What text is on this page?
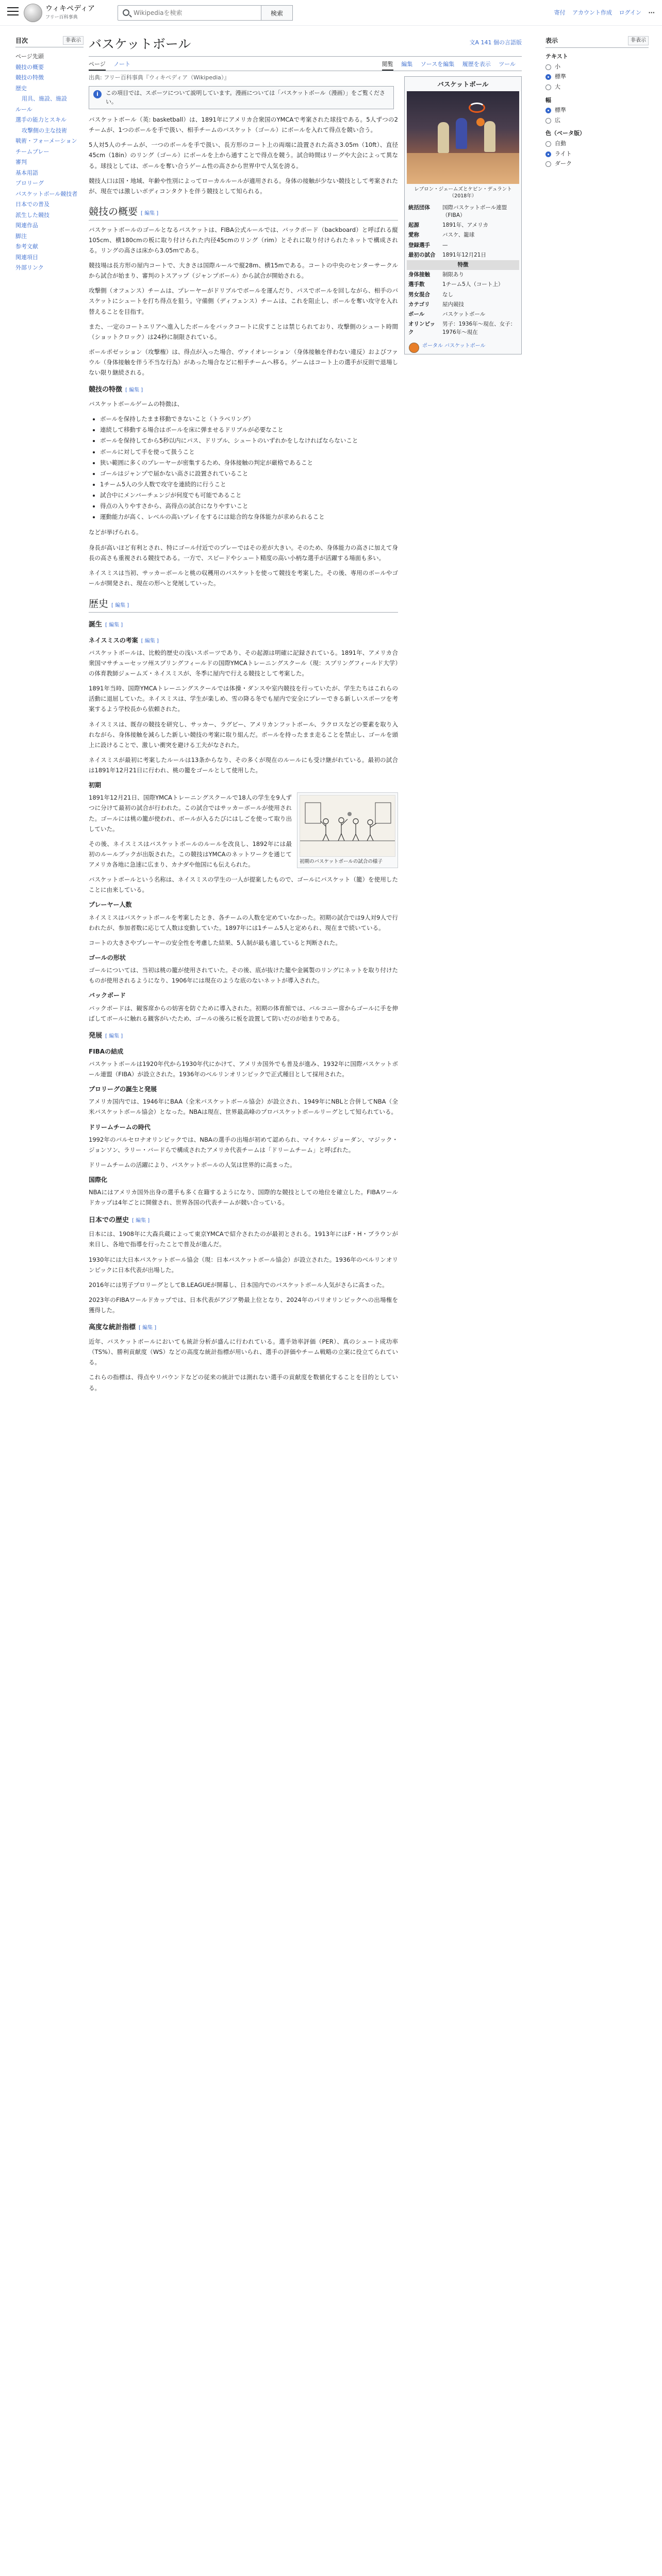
ウィキペディア
フリー百科事典
Wikipediaを検索
検索	寄付 アカウント作成 ログイン ···
目次	非表示
ページ先頭
競技の概要
競技の特徴
歴史
用具、施設、施設
ルール
選手の能力とスキル
攻撃側の主な技術
戦術・フォーメーション
チームプレー
審判
基本用語
プロリーグ
バスケットボール競技者
日本での普及
派生した競技
関連作品
脚注
参考文献
関連項目
外部リンク
バスケットボール	文A 141 個の言語版
ページ ノート	閲覧 編集 ソースを編集 履歴を表示 ツール
出典: フリー百科事典『ウィキペディア（Wikipedia）』
i	この項目では、スポーツについて説明しています。漫画については「バスケットボール（漫画）」をご覧ください。

バスケットボール（英: basketball）は、1891年にアメリカ合衆国のYMCAで考案された球技である。5人ずつの2チームが、1つのボールを手で扱い、相手チームのバスケット（ゴール）にボールを入れて得点を競い合う。

5人対5人のチームが、一つのボールを手で扱い、長方形のコート上の両端に設置された高さ3.05m（10ft）、直径45cm（18in）のリング（ゴール）にボールを上から通すことで得点を競う。試合時間はリーグや大会によって異なる。球技としては、ボールを奪い合うゲーム性の高さから世界中で人気を誇る。

競技人口は国・地域、年齢や性別によってローカルルールが適用される。身体の接触が少ない競技として考案されたが、現在では激しいボディコンタクトを伴う競技として知られる。

競技の概要 [ 編集 ]

バスケットボールのゴールとなるバスケットは、FIBA公式ルールでは、バックボード（backboard）と呼ばれる縦105cm、横180cmの板に取り付けられた内径45cmのリング（rim）とそれに取り付けられたネットで構成される。リングの高さは床から3.05mである。

競技場は長方形の屋内コートで、大きさは国際ルールで縦28m、横15mである。コートの中央のセンターサークルから試合が始まり、審判のトスアップ（ジャンプボール）から試合が開始される。

攻撃側（オフェンス）チームは、プレーヤーがドリブルでボールを運んだり、パスでボールを回しながら、相手のバスケットにシュートを打ち得点を狙う。守備側（ディフェンス）チームは、これを阻止し、ボールを奪い攻守を入れ替えることを目指す。

また、一定のコートエリアへ進入したボールをバックコートに戻すことは禁じられており、攻撃側のシュート時間（ショットクロック）は24秒に制限されている。

ボールポゼッション（攻撃権）は、得点が入った場合、ヴァイオレーション（身体接触を伴わない違反）およびファウル（身体接触を伴う不当な行為）があった場合などに相手チームへ移る。ゲームはコート上の選手が反則で退場しない限り継続される。

競技の特徴 [ 編集 ]

バスケットボールゲームの特徴は、

• ボールを保持したまま移動できないこと（トラベリング）
• 連続して移動する場合はボールを床に弾ませるドリブルが必要なこと
• ボールを保持してから5秒以内にパス、ドリブル、シュートのいずれかをしなければならないこと
• ボールに対して手を使って扱うこと
• 狭い範囲に多くのプレーヤーが密集するため、身体接触の判定が厳格であること
• ゴールはジャンプで届かない高さに設置されていること
• 1チーム5人の少人数で攻守を連続的に行うこと
• 試合中にメンバーチェンジが何度でも可能であること
• 得点の入りやすさから、高得点の試合になりやすいこと
• 運動能力が高く、レベルの高いプレイをするには総合的な身体能力が求められること

などが挙げられる。

身長が高いほど有利とされ、特にゴール付近でのプレーではその差が大きい。そのため、身体能力の高さに加えて身長の高さも重視される競技である。一方で、スピードやシュート精度の高い小柄な選手が活躍する場面も多い。

ネイスミスは当初、サッカーボールと桃の収穫用のバスケットを使って競技を考案した。その後、専用のボールやゴールが開発され、現在の形へと発展していった。

歴史 [ 編集 ]
誕生 [ 編集 ]
ネイスミスの考案 [ 編集 ]

バスケットボールは、比較的歴史の浅いスポーツであり、その起源は明確に記録されている。1891年、アメリカ合衆国マサチューセッツ州スプリングフィールドの国際YMCAトレーニングスクール（現：スプリングフィールド大学）の体育教師ジェームズ・ネイスミスが、冬季に屋内で行える競技として考案した。

1891年当時、国際YMCAトレーニングスクールでは体操・ダンスや室内競技を行っていたが、学生たちはこれらの活動に退屈していた。ネイスミスは、学生が楽しめ、雪の降る冬でも屋内で安全にプレーできる新しいスポーツを考案するよう学校長から依頼された。

ネイスミスは、既存の競技を研究し、サッカー、ラグビー、アメリカンフットボール、ラクロスなどの要素を取り入れながら、身体接触を減らした新しい競技の考案に取り組んだ。ボールを持ったまま走ることを禁止し、ゴールを頭上に設けることで、激しい衝突を避ける工夫がなされた。

ネイスミスが最初に考案したルールは13条からなり、その多くが現在のルールにも受け継がれている。最初の試合は1891年12月21日に行われ、桃の籠をゴールとして使用した。

初期
初期のバスケットボールの試合の様子

1891年12月21日、国際YMCAトレーニングスクールで18人の学生を9人ずつに分けて最初の試合が行われた。この試合ではサッカーボールが使用された。ゴールには桃の籠が使われ、ボールが入るたびにはしごを使って取り出していた。

その後、ネイスミスはバスケットボールのルールを改良し、1892年には最初のルールブックが出版された。この競技はYMCAのネットワークを通じてアメリカ各地に急速に広まり、カナダや他国にも伝えられた。

バスケットボールという名称は、ネイスミスの学生の一人が提案したもので、ゴールにバスケット（籠）を使用したことに由来している。

プレーヤー人数

ネイスミスはバスケットボールを考案したとき、各チームの人数を定めていなかった。初期の試合では9人対9人で行われたが、参加者数に応じて人数は変動していた。1897年には1チーム5人と定められ、現在まで続いている。

コートの大きさやプレーヤーの安全性を考慮した結果、5人制が最も適していると判断された。

ゴールの形状

ゴールについては、当初は桃の籠が使用されていた。その後、底が抜けた籠や金属製のリングにネットを取り付けたものが使用されるようになり、1906年には現在のような底のないネットが導入された。

バックボード

バックボードは、観客席からの妨害を防ぐために導入された。初期の体育館では、バルコニー席からゴールに手を伸ばしてボールに触れる観客がいたため、ゴールの後ろに板を設置して防いだのが始まりである。

発展 [ 編集 ]
FIBAの結成

バスケットボールは1920年代から1930年代にかけて、アメリカ国外でも普及が進み、1932年に国際バスケットボール連盟（FIBA）が設立された。1936年のベルリンオリンピックで正式種目として採用された。

プロリーグの誕生と発展

アメリカ国内では、1946年にBAA（全米バスケットボール協会）が設立され、1949年にNBLと合併してNBA（全米バスケットボール協会）となった。NBAは現在、世界最高峰のプロバスケットボールリーグとして知られている。

ドリームチームの時代

1992年のバルセロナオリンピックでは、NBAの選手の出場が初めて認められ、マイケル・ジョーダン、マジック・ジョンソン、ラリー・バードらで構成されたアメリカ代表チームは「ドリームチーム」と呼ばれた。

ドリームチームの活躍により、バスケットボールの人気は世界的に高まった。

国際化

NBAにはアメリカ国外出身の選手も多く在籍するようになり、国際的な競技としての地位を確立した。FIBAワールドカップは4年ごとに開催され、世界各国の代表チームが競い合っている。

日本での歴史 [ 編集 ]

日本には、1908年に大森兵蔵によって東京YMCAで紹介されたのが最初とされる。1913年にはF・H・ブラウンが来日し、各地で指導を行ったことで普及が進んだ。

1930年には大日本バスケットボール協会（現：日本バスケットボール協会）が設立された。1936年のベルリンオリンピックに日本代表が出場した。

2016年には男子プロリーグとしてB.LEAGUEが開幕し、日本国内でのバスケットボール人気がさらに高まった。

2023年のFIBAワールドカップでは、日本代表がアジア勢最上位となり、2024年のパリオリンピックへの出場権を獲得した。

高度な統計指標 [ 編集 ]

近年、バスケットボールにおいても統計分析が盛んに行われている。選手効率評価（PER）、真のシュート成功率（TS%）、勝利貢献度（WS）などの高度な統計指標が用いられ、選手の評価やチーム戦略の立案に役立てられている。

これらの指標は、得点やリバウンドなどの従来の統計では測れない選手の貢献度を数値化することを目的としている。

バスケットボール
レブロン・ジェームズとケビン・デュラント（2018年）
統括団体	国際バスケットボール連盟（FIBA）
起源	1891年、アメリカ
愛称	バスケ、籠球
登録選手	—
最初の試合	1891年12月21日
特徴
身体接触	制限あり
選手数	1チーム5人（コート上）
男女混合	なし
カテゴリ	屋内競技
ボール	バスケットボール
オリンピック	男子：1936年～現在、女子：1976年～現在
ポータル バスケットボール
表示	非表示
テキスト
小
標準
大
幅
標準
広
色（ベータ版）
自動
ライト
ダーク
